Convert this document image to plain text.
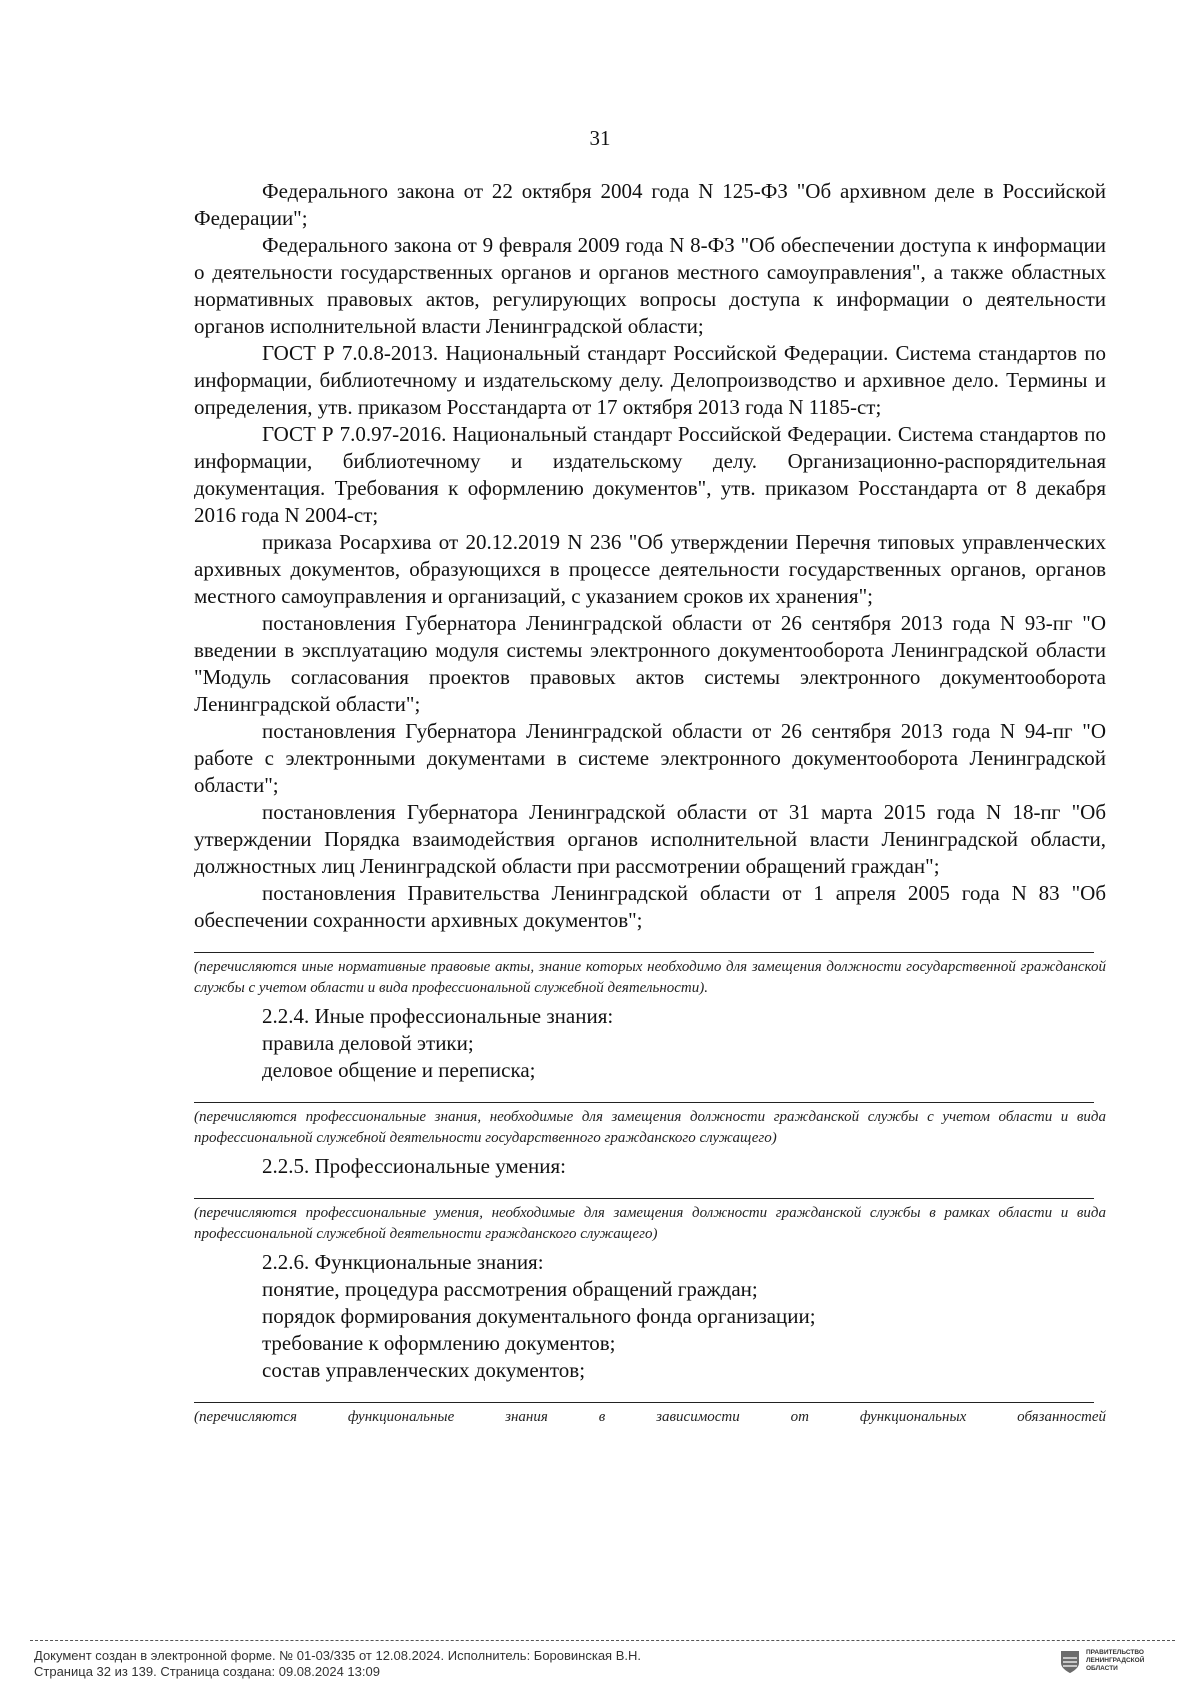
31

Федерального закона от 22 октября 2004 года N 125-ФЗ "Об архивном деле в Российской Федерации";

Федерального закона от 9 февраля 2009 года N 8-ФЗ "Об обеспечении доступа к информации о деятельности государственных органов и органов местного самоуправления", а также областных нормативных правовых актов, регулирующих вопросы доступа к информации о деятельности органов исполнительной власти Ленинградской области;

ГОСТ Р 7.0.8-2013. Национальный стандарт Российской Федерации. Система стандартов по информации, библиотечному и издательскому делу. Делопроизводство и архивное дело. Термины и определения, утв. приказом Росстандарта от 17 октября 2013 года N 1185-ст;

ГОСТ Р 7.0.97-2016. Национальный стандарт Российской Федерации. Система стандартов по информации, библиотечному и издательскому делу. Организационно-распорядительная документация. Требования к оформлению документов", утв. приказом Росстандарта от 8 декабря 2016 года N 2004-ст;

приказа Росархива от 20.12.2019 N 236 "Об утверждении Перечня типовых управленческих архивных документов, образующихся в процессе деятельности государственных органов, органов местного самоуправления и организаций, с указанием сроков их хранения";

постановления Губернатора Ленинградской области от 26 сентября 2013 года N 93-пг "О введении в эксплуатацию модуля системы электронного документооборота Ленинградской области "Модуль согласования проектов правовых актов системы электронного документооборота Ленинградской области";

постановления Губернатора Ленинградской области от 26 сентября 2013 года N 94-пг "О работе с электронными документами в системе электронного документооборота Ленинградской области";

постановления Губернатора Ленинградской области от 31 марта 2015 года N 18-пг "Об утверждении Порядка взаимодействия органов исполнительной власти Ленинградской области, должностных лиц Ленинградской области при рассмотрении обращений граждан";

постановления Правительства Ленинградской области от 1 апреля 2005 года N 83 "Об обеспечении сохранности архивных документов";

(перечисляются иные нормативные правовые акты, знание которых необходимо для замещения должности государственной гражданской службы с учетом области и вида профессиональной служебной деятельности).

2.2.4. Иные профессиональные знания:

правила деловой этики;

деловое общение и переписка;

(перечисляются профессиональные знания, необходимые для замещения должности гражданской службы с учетом области и вида профессиональной служебной деятельности государственного гражданского служащего)

2.2.5. Профессиональные умения:

(перечисляются профессиональные умения, необходимые для замещения должности гражданской службы в рамках области и вида профессиональной служебной деятельности гражданского служащего)

2.2.6. Функциональные знания:

понятие, процедура рассмотрения обращений граждан;

порядок формирования документального фонда организации;

требование к оформлению документов;

состав управленческих документов;

(перечисляются функциональные знания в зависимости от функциональных обязанностей

Документ создан в электронной форме. № 01-03/335 от 12.08.2024. Исполнитель: Боровинская В.Н.
Страница 32 из 139. Страница создана: 09.08.2024 13:09
ПРАВИТЕЛЬСТВО ЛЕНИНГРАДСКОЙ ОБЛАСТИ
